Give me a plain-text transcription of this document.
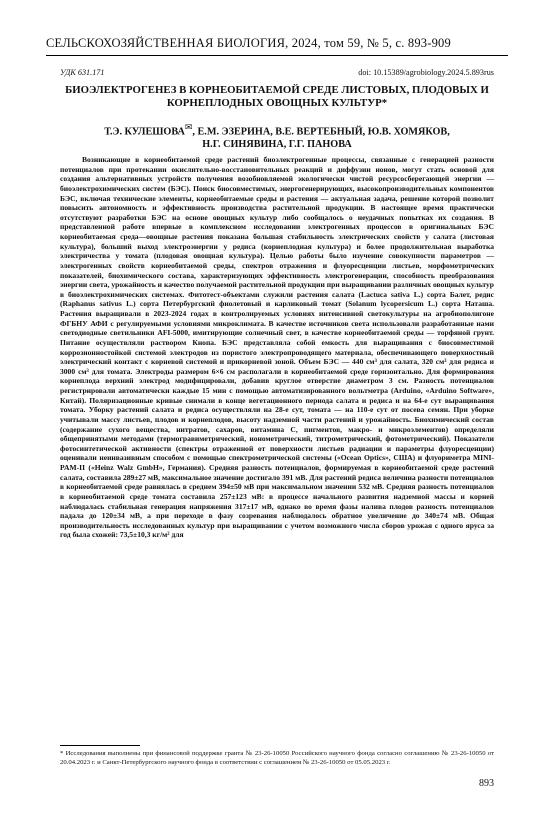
СЕЛЬСКОХОЗЯЙСТВЕННАЯ БИОЛОГИЯ, 2024, том 59, № 5, с. 893-909
УДК 631.171	doi: 10.15389/agrobiology.2024.5.893rus
БИОЭЛЕКТРОГЕНЕЗ В КОРНЕОБИТАЕМОЙ СРЕДЕ ЛИСТОВЫХ, ПЛОДОВЫХ И КОРНЕПЛОДНЫХ ОВОЩНЫХ КУЛЬТУР*
Т.Э. КУЛЕШОВА✉, Е.М. ЭЗЕРИНА, В.Е. ВЕРТЕБНЫЙ, Ю.В. ХОМЯКОВ,
Н.Г. СИНЯВИНА, Г.Г. ПАНОВА
Возникающие в корнеобитаемой среде растений биоэлектрогенные процессы, связанные с генерацией разности потенциалов при протекании окислительно-восстановительных реакций и диффузии ионов, могут стать основой для создания альтернативных устройств получения возобновляемой экологически чистой ресурсосберегающей энергии — биоэлектрохимических систем (БЭС). Поиск биосовместимых, энергогенерирующих, высокопроизводительных компонентов БЭС, включая технические элементы, корнеобитаемые среды и растения — актуальная задача, решение которой позволит повысить автономность и эффективность производства растительной продукции. В настоящее время практически отсутствуют разработки БЭС на основе овощных культур либо сообщалось о неудачных попытках их создания. В представленной работе впервые в комплексном исследовании электрогенных процессов в оригинальных БЭС корнеобитаемая среда—овощные растения показана большая стабильность электрических свойств у салата (листовая культура), больший выход электроэнергии у редиса (корнеплодная культура) и более продолжительная выработка электричества у томата (плодовая овощная культура). Целью работы было изучение совокупности параметров — электрогенных свойств корнеобитаемой среды, спектров отражения и флуоресценции листьев, морфометрических показателей, биохимического состава, характеризующих эффективность электрогенерации, способность преобразования энергии света, урожайность и качество получаемой растительной продукции при выращивании различных овощных культур в биоэлектрохимических системах. Фитотест-объектами служили растения салата (Lactuca sativa L.) сорта Балет, редис (Raphanus sativus L.) сорта Петербургский фиолетовый и карликовый томат (Solanum lycopersicum L.) сорта Наташа. Растения выращивали в 2023-2024 годах в контролируемых условиях интенсивной светокультуры на агробиополигоне ФГБНУ АФИ с регулируемыми условиями микроклимата. В качестве источников света использовали разработанные нами светодиодные светильники AFI-5000, имитирующие солнечный свет, в качестве корнеобитаемой среды — торфяной грунт. Питание осуществляли раствором Кнопа. БЭС представляла собой емкость для выращивания с биосовместимой коррозионностойкой системой электродов из пористого электропроводящего материала, обеспечивающего поверхностный электрический контакт с корневой системой и прикорневой зоной. Объем БЭС — 440 см³ для салата, 320 см³ для редиса и 3000 см³ для томата. Электроды размером 6×6 см располагали в корнеобитаемой среде горизонтально. Для формирования корнеплода верхний электрод модифицировали, добавив круглое отверстие диаметром 3 см. Разность потенциалов регистрировали автоматически каждые 15 мин с помощью автоматизированного вольтметра (Arduino, «Arduino Software», Китай). Поляризационные кривые снимали в конце вегетационного периода салата и редиса и на 64-е сут выращивания томата. Уборку растений салата и редиса осуществляли на 28-е сут, томата — на 110-е сут от посева семян. При уборке учитывали массу листьев, плодов и корнеплодов, высоту надземной части растений и урожайность. Биохимический состав (содержание сухого вещества, нитратов, сахаров, витамина С, пигментов, макро- и микроэлементов) определяли общепринятыми методами (термогравиметрический, ионометрический, титрометрический, фотометрический). Показатели фотосинтетической активности (спектры отраженной от поверхности листьев радиации и параметры флуоресценции) оценивали неинвазивным способом с помощью спектрометрической системы («Ocean Optics», США) и флуориметра MINI-PAM-II («Heinz Walz GmbH», Германия). Средняя разность потенциалов, формируемая в корнеобитаемой среде растений салата, составила 289±27 мВ, максимальное значение достигало 391 мВ. Для растений редиса величина разности потенциалов в корнеобитаемой среде равнялась в среднем 394±50 мВ при максимальном значении 532 мВ. Средняя разность потенциалов в корнеобитаемой среде томата составила 257±123 мВ: в процессе начального развития надземной массы и корней наблюдалась стабильная генерация напряжения 317±17 мВ, однако во время фазы налива плодов разность потенциалов падала до 120±34 мВ, а при переходе в фазу созревания наблюдалось обратное увеличение до 340±74 мВ. Общая производительность исследованных культур при выращивании с учетом возможного числа сборов урожая с одного яруса за год была схожей: 73,5±10,3 кг/м² для
* Исследования выполнены при финансовой поддержке гранта № 23-26-10050 Российского научного фонда согласно соглашению № 23-26-10050 от 20.04.2023 г. и Санкт-Петербургского научного фонда в соответствии с соглашением № 23-26-10050 от 05.05.2023 г.
893
